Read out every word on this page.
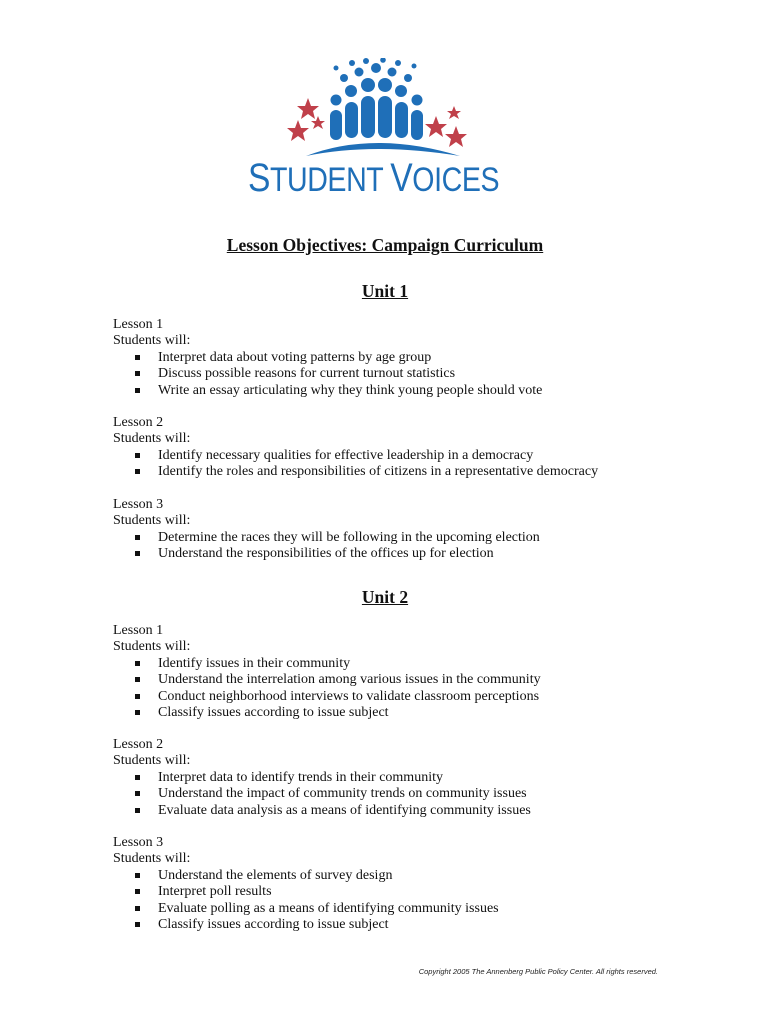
STUDENT VOICES
Lesson Objectives: Campaign Curriculum
Unit 1

Lesson 1

Students will:

Interpret data about voting patterns by age group
Discuss possible reasons for current turnout statistics
Write an essay articulating why they think young people should vote

Lesson 2

Students will:

Identify necessary qualities for effective leadership in a democracy
Identify the roles and responsibilities of citizens in a representative democracy

Lesson 3

Students will:

Determine the races they will be following in the upcoming election
Understand the responsibilities of the offices up for election
Unit 2

Lesson 1

Students will:

Identify issues in their community
Understand the interrelation among various issues in the community
Conduct neighborhood interviews to validate classroom perceptions
Classify issues according to issue subject

Lesson 2

Students will:

Interpret data to identify trends in their community
Understand the impact of community trends on community issues
Evaluate data analysis as a means of identifying community issues

Lesson 3

Students will:

Understand the elements of survey design
Interpret poll results
Evaluate polling as a means of identifying community issues
Classify issues according to issue subject
Copyright 2005 The Annenberg Public Policy Center. All rights reserved.
